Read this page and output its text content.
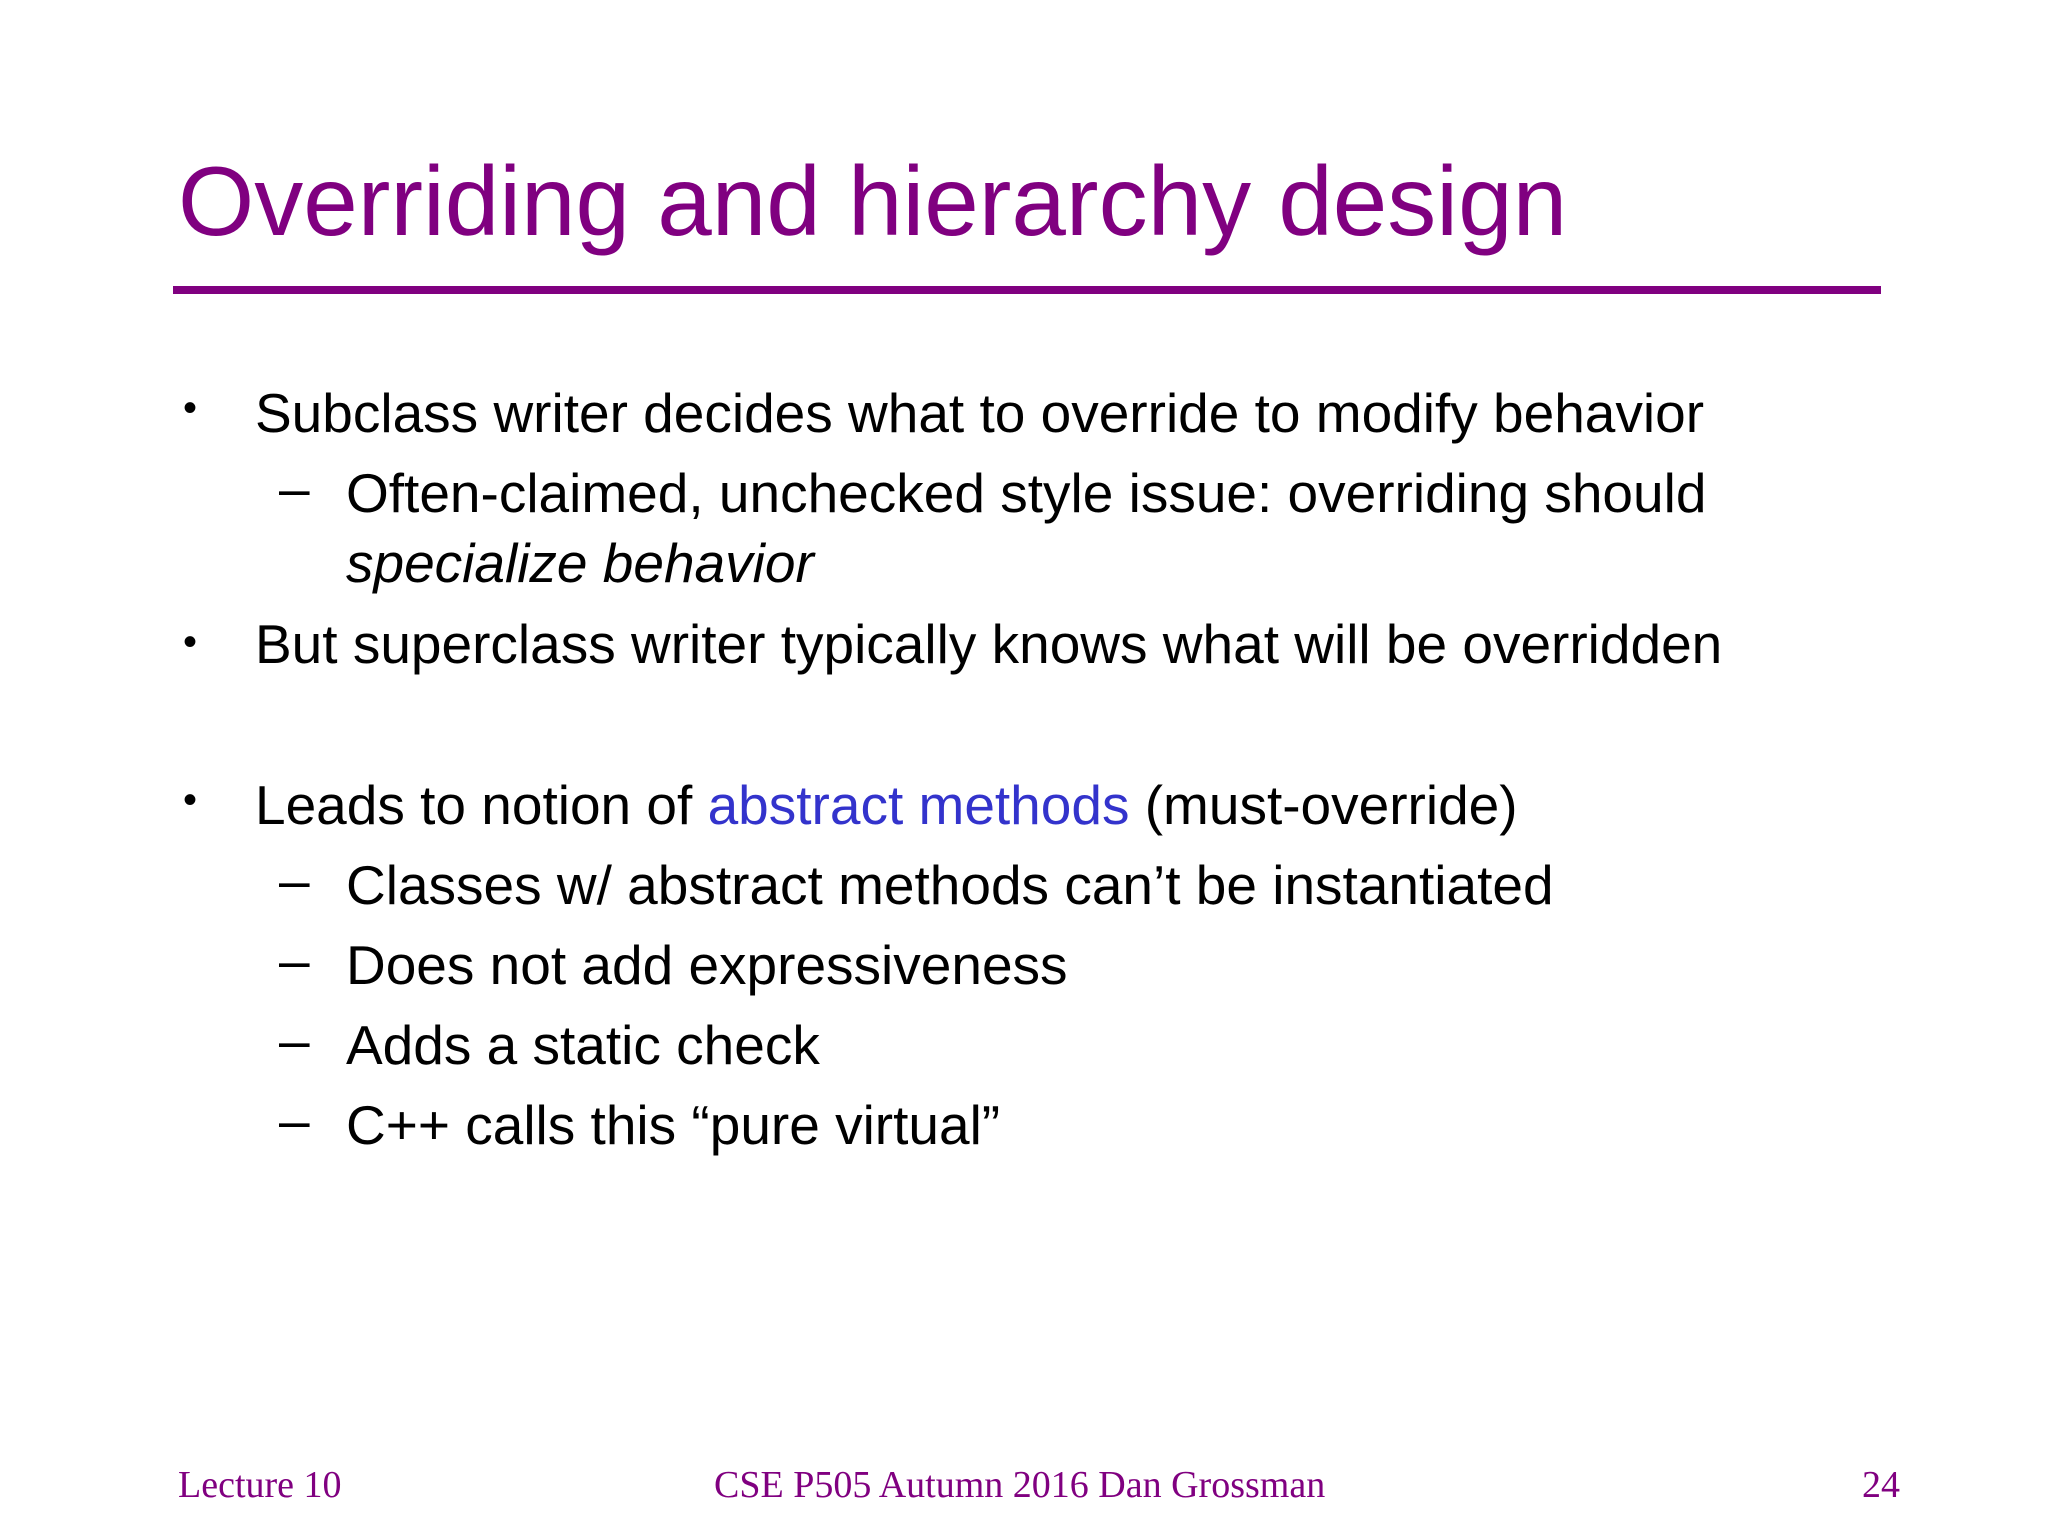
Overriding and hierarchy design
• Subclass writer decides what to override to modify behavior
– Often-claimed, unchecked style issue: overriding should
specialize behavior
• But superclass writer typically knows what will be overridden
• Leads to notion of abstract methods (must-override)
– Classes w/ abstract methods can’t be instantiated
– Does not add expressiveness
– Adds a static check
– C++ calls this “pure virtual”
Lecture 10	CSE P505 Autumn 2016 Dan Grossman	24
